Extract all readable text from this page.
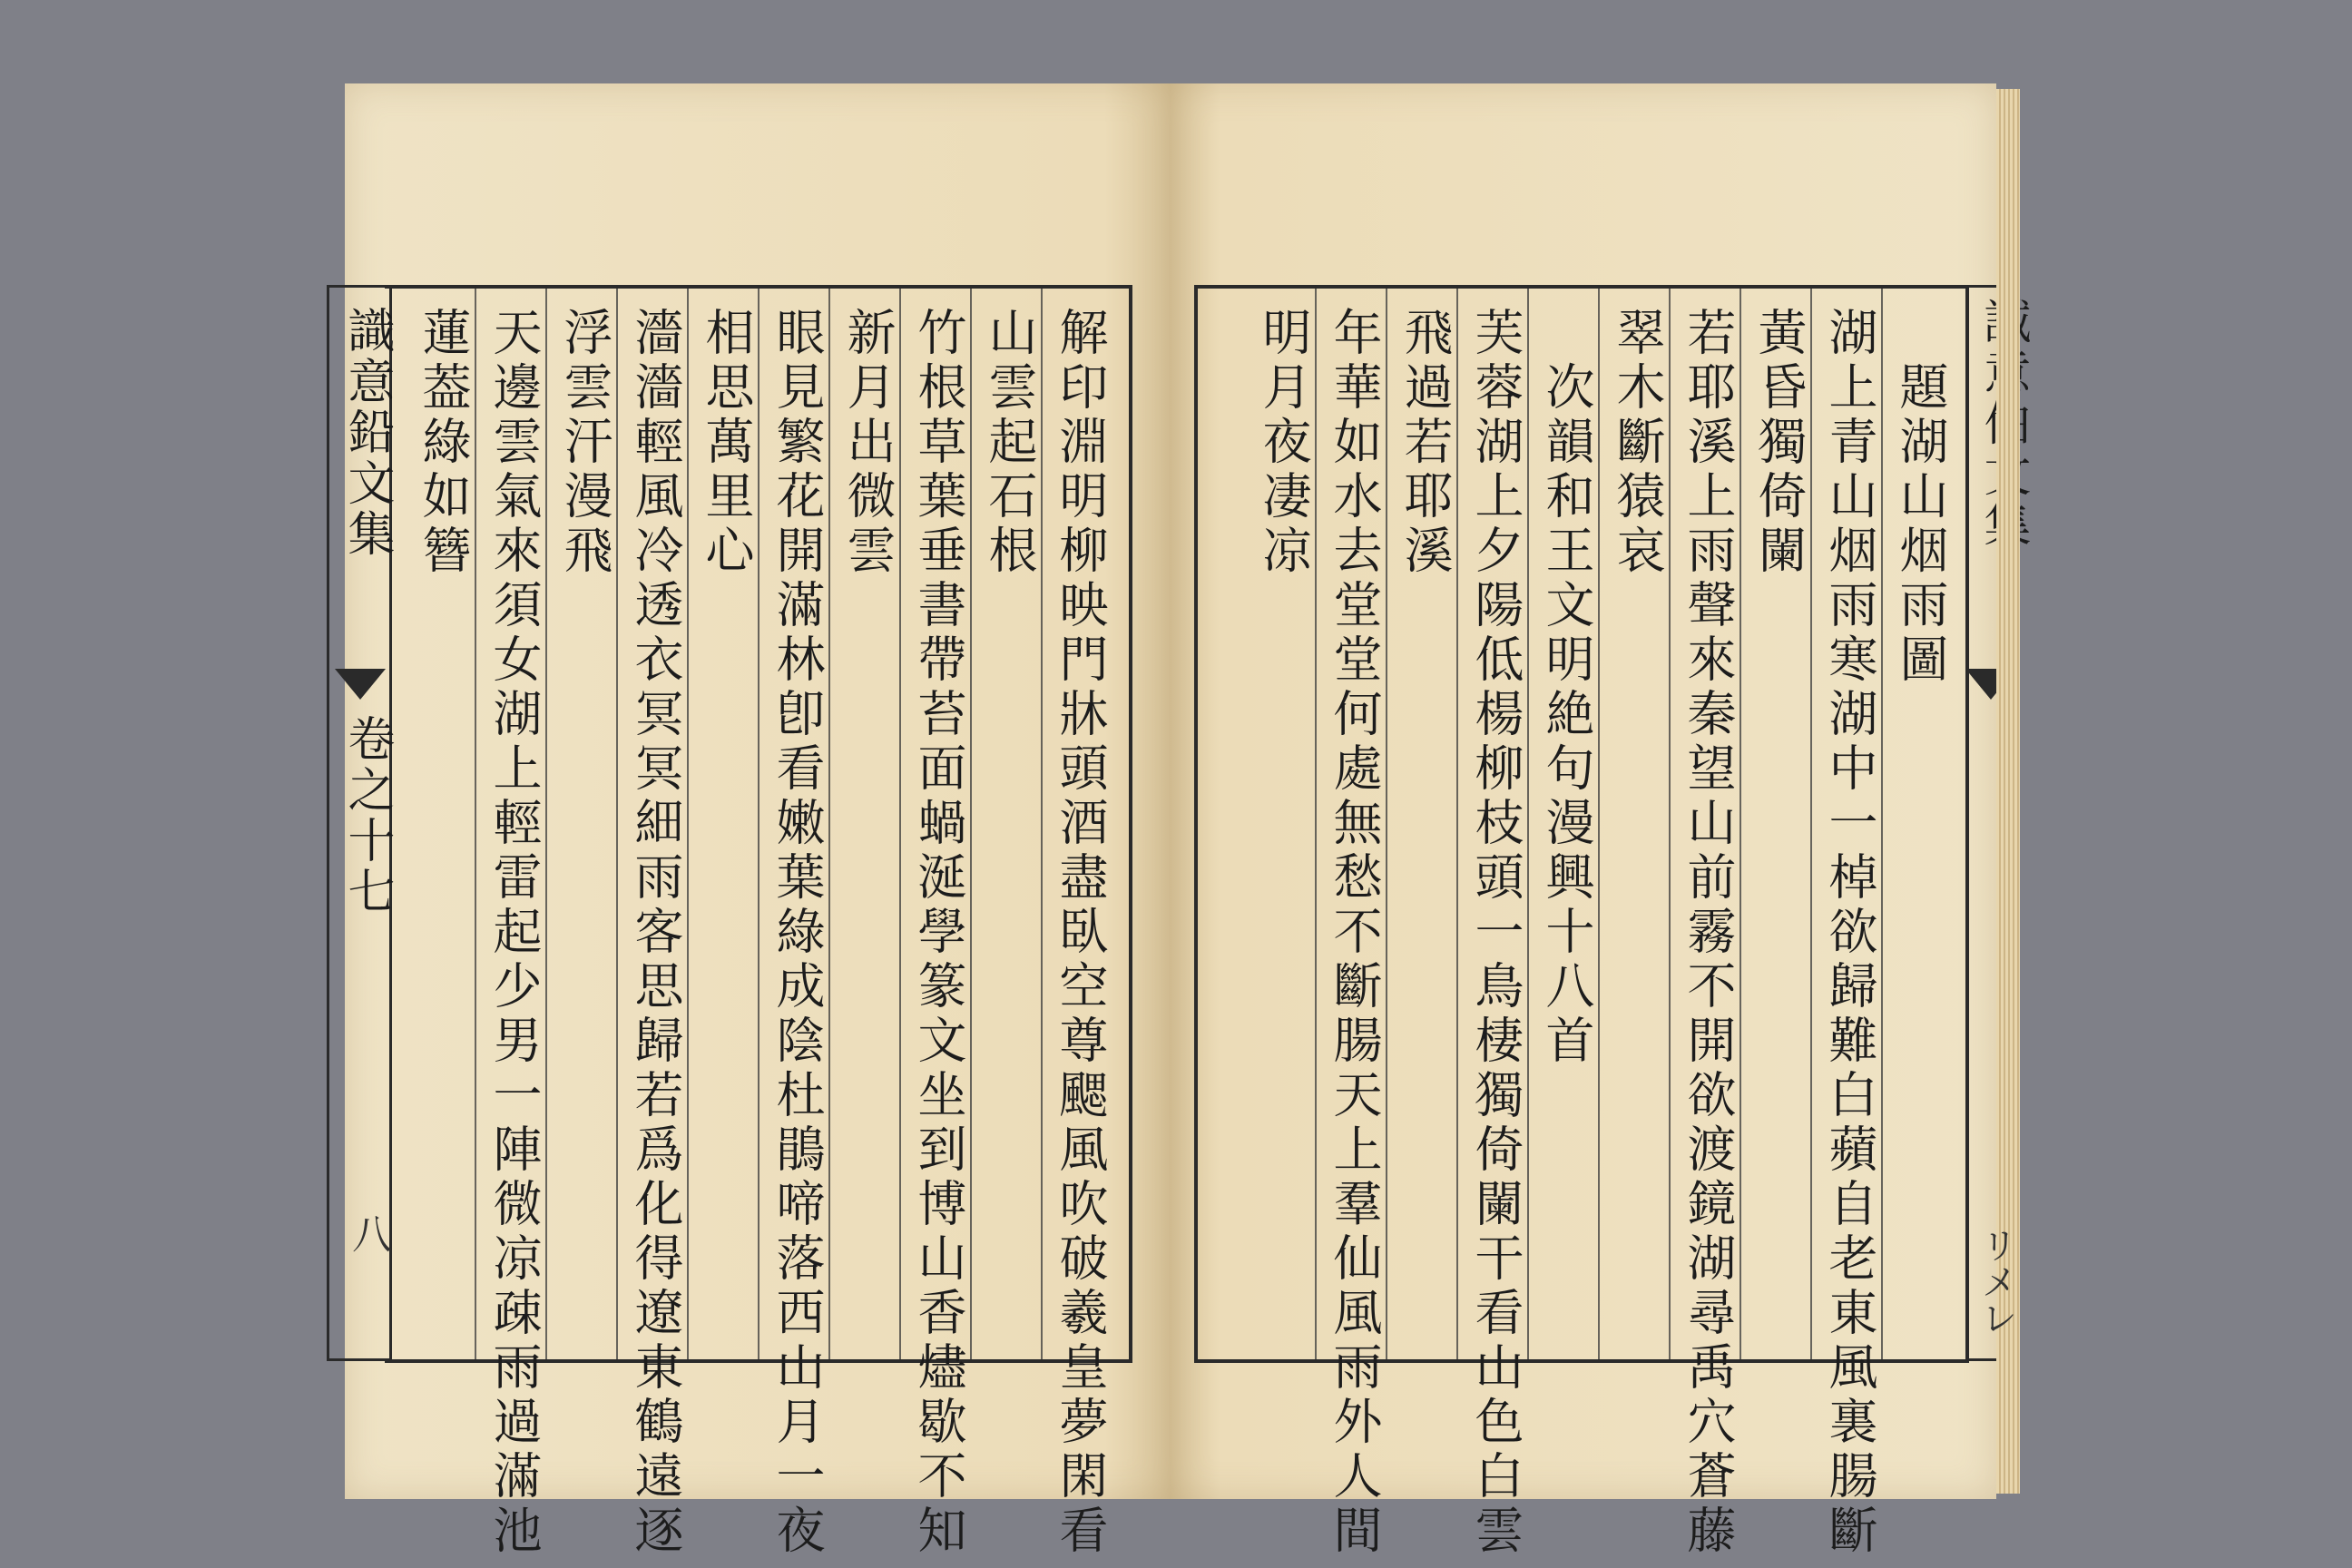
識意鉛文集
卷之十七
八	解印淵明柳映門牀頭酒盡臥空尊颸風吹破羲皇夢閑看
山雲起石根
竹根草葉垂書帶苔面蝸涎學篆文坐到博山香燼歇不知
新月出微雲
眼見繁花開滿林卽看嫩葉綠成陰杜鵑啼落西山月一夜
相思萬里心
濇濇輕風冷透衣冥冥細雨客思歸若爲化得遼東鶴遠逐
浮雲汗漫飛
天邊雲氣來須女湖上輕雷起少男一陣微凉疎雨過滿池
蓮葢綠如簪	題湖山烟雨圖
湖上青山烟雨寒湖中一棹欲歸難白蘋自老東風裏腸斷
黃昏獨倚闌
若耶溪上雨聲來秦望山前霧不開欲渡鏡湖尋禹穴蒼藤
翠木斷猿哀
次韻和王文明絶句漫興十八首
芙蓉湖上夕陽低楊柳枝頭一鳥棲獨倚闌干看山色白雲
飛過若耶溪
年華如水去堂堂何處無愁不斷腸天上羣仙風雨外人間
明月夜凄凉
リメレ
